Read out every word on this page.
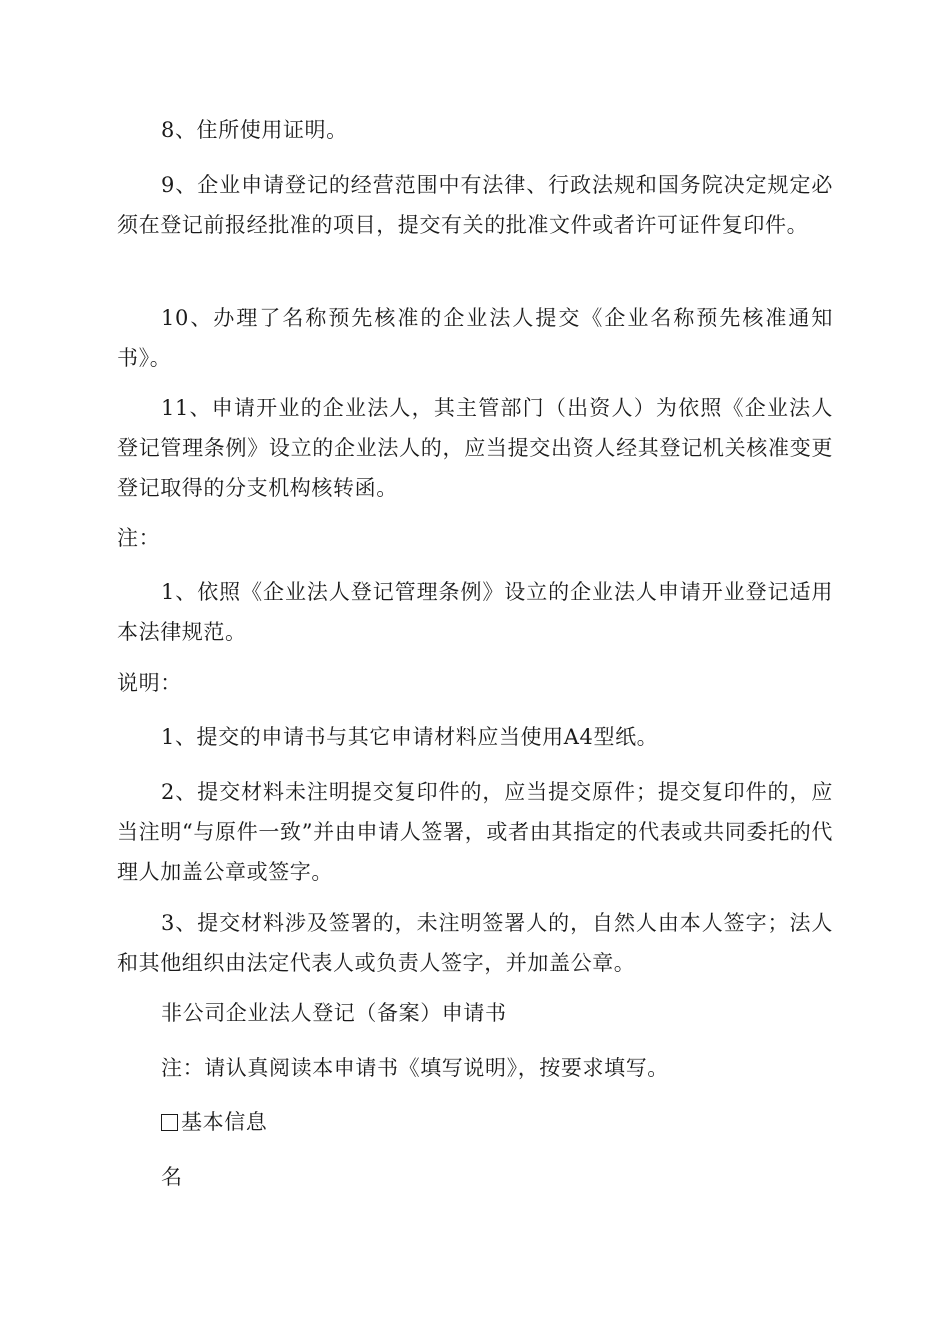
8、住所使用证明。

9、企业申请登记的经营范围中有法律、行政法规和国务院决定规定必须在登记前报经批准的项目，提交有关的批准文件或者许可证件复印件。

10、办理了名称预先核准的企业法人提交《企业名称预先核准通知书》。

11、申请开业的企业法人，其主管部门（出资人）为依照《企业法人登记管理条例》设立的企业法人的，应当提交出资人经其登记机关核准变更登记取得的分支机构核转函。

注：

1、依照《企业法人登记管理条例》设立的企业法人申请开业登记适用本法律规范。

说明：

1、提交的申请书与其它申请材料应当使用A4型纸。

2、提交材料未注明提交复印件的，应当提交原件；提交复印件的，应当注明“与原件一致”并由申请人签署，或者由其指定的代表或共同委托的代理人加盖公章或签字。

3、提交材料涉及签署的，未注明签署人的，自然人由本人签字；法人和其他组织由法定代表人或负责人签字，并加盖公章。

非公司企业法人登记（备案）申请书

注：请认真阅读本申请书《填写说明》，按要求填写。

基本信息

名
